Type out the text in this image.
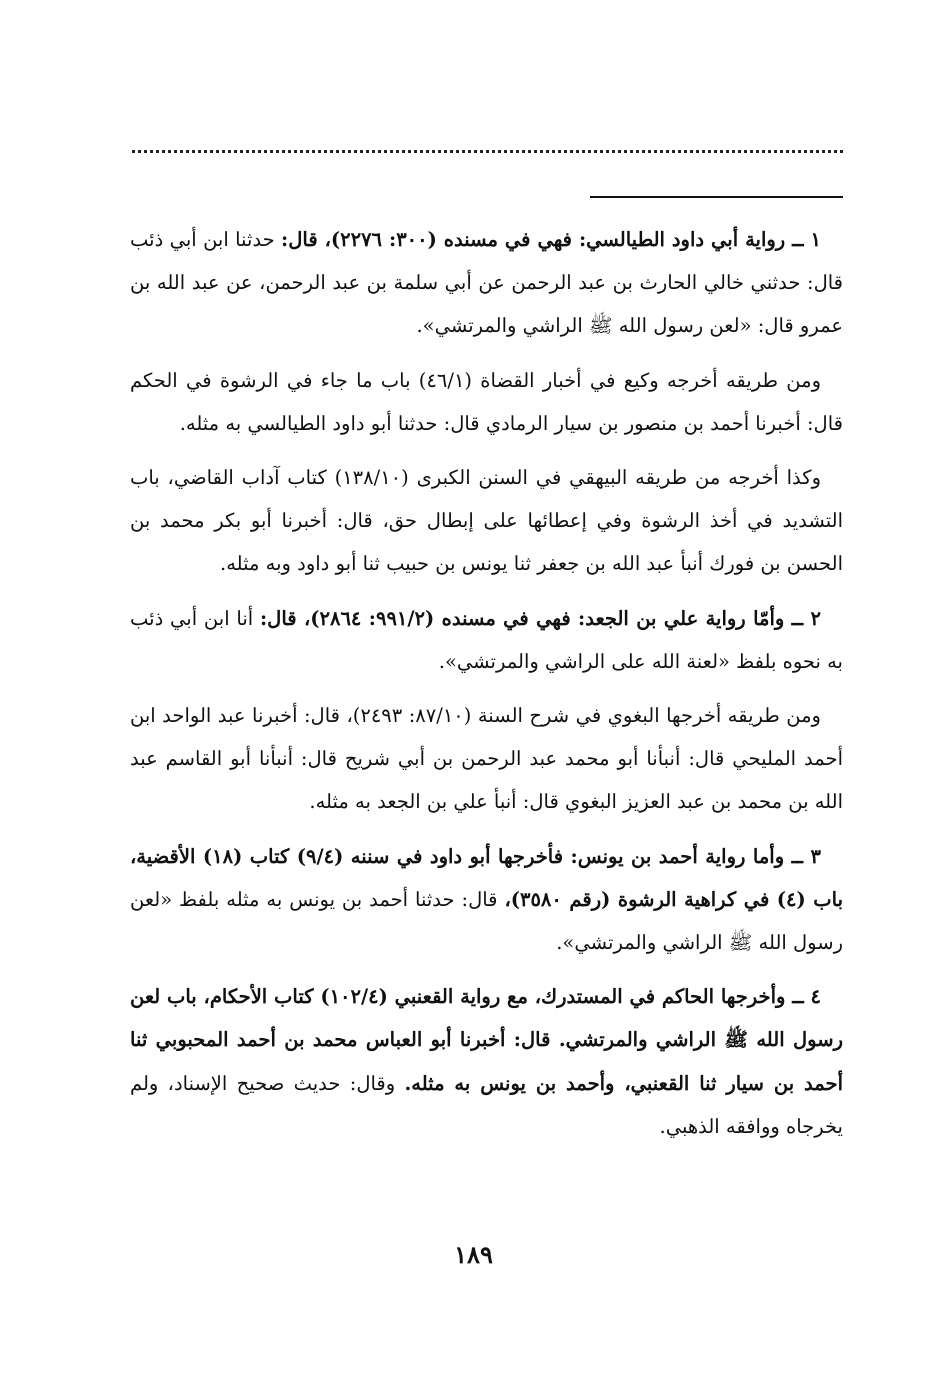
١ ــ رواية أبي داود الطيالسي: فهي في مسنده (٣٠٠: ٢٢٧٦)، قال: حدثنا ابن أبي ذئب قال: حدثني خالي الحارث بن عبد الرحمن عن أبي سلمة بن عبد الرحمن، عن عبد الله بن عمرو قال: «لعن رسول الله ﷺ الراشي والمرتشي».

ومن طريقه أخرجه وكيع في أخبار القضاة (٤٦/١) باب ما جاء في الرشوة في الحكم قال: أخبرنا أحمد بن منصور بن سيار الرمادي قال: حدثنا أبو داود الطيالسي به مثله.

وكذا أخرجه من طريقه البيهقي في السنن الكبرى (١٣٨/١٠) كتاب آداب القاضي، باب التشديد في أخذ الرشوة وفي إعطائها على إبطال حق، قال: أخبرنا أبو بكر محمد بن الحسن بن فورك أنبأ عبد الله بن جعفر ثنا يونس بن حبيب ثنا أبو داود وبه مثله.

٢ ــ وأمّا رواية علي بن الجعد: فهي في مسنده (٩٩١/٢: ٢٨٦٤)، قال: أنا ابن أبي ذئب به نحوه بلفظ «لعنة الله على الراشي والمرتشي».

ومن طريقه أخرجها البغوي في شرح السنة (٨٧/١٠: ٢٤٩٣)، قال: أخبرنا عبد الواحد ابن أحمد المليحي قال: أنبأنا أبو محمد عبد الرحمن بن أبي شريح قال: أنبأنا أبو القاسم عبد الله بن محمد بن عبد العزيز البغوي قال: أنبأ علي بن الجعد به مثله.

٣ ــ وأما رواية أحمد بن يونس: فأخرجها أبو داود في سننه (٩/٤) كتاب (١٨) الأقضية، باب (٤) في كراهية الرشوة (رقم ٣٥٨٠)، قال: حدثنا أحمد بن يونس به مثله بلفظ «لعن رسول الله ﷺ الراشي والمرتشي».

٤ ــ وأخرجها الحاكم في المستدرك، مع رواية القعنبي (١٠٢/٤) كتاب الأحكام، باب لعن رسول الله ﷺ الراشي والمرتشي. قال: أخبرنا أبو العباس محمد بن أحمد المحبوبي ثنا أحمد بن سيار ثنا القعنبي، وأحمد بن يونس به مثله. وقال: حديث صحيح الإسناد، ولم يخرجاه ووافقه الذهبي.

١٨٩
